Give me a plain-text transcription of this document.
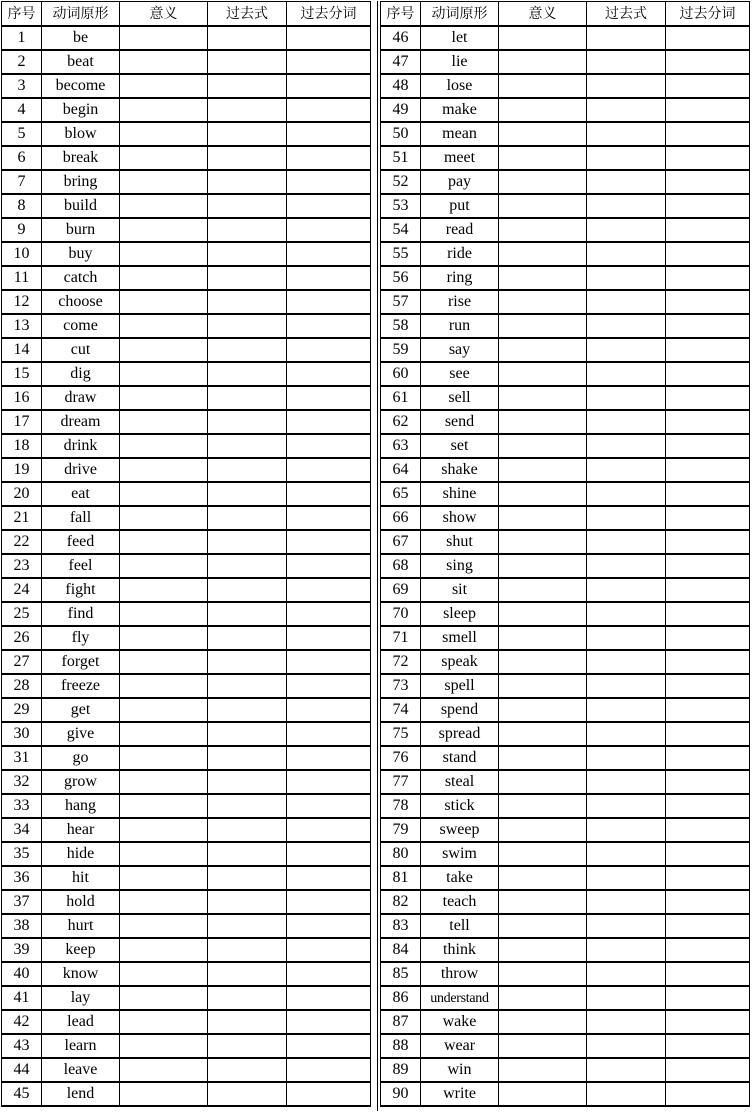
序号	动词原形	意义	过去式	过去分词
1	be			
2	beat			
3	become			
4	begin			
5	blow			
6	break			
7	bring			
8	build			
9	burn			
10	buy			
11	catch			
12	choose			
13	come			
14	cut			
15	dig			
16	draw			
17	dream			
18	drink			
19	drive			
20	eat			
21	fall			
22	feed			
23	feel			
24	fight			
25	find			
26	fly			
27	forget			
28	freeze			
29	get			
30	give			
31	go			
32	grow			
33	hang			
34	hear			
35	hide			
36	hit			
37	hold			
38	hurt			
39	keep			
40	know			
41	lay			
42	lead			
43	learn			
44	leave			
45	lend			
序号	动词原形	意义	过去式	过去分词
46	let			
47	lie			
48	lose			
49	make			
50	mean			
51	meet			
52	pay			
53	put			
54	read			
55	ride			
56	ring			
57	rise			
58	run			
59	say			
60	see			
61	sell			
62	send			
63	set			
64	shake			
65	shine			
66	show			
67	shut			
68	sing			
69	sit			
70	sleep			
71	smell			
72	speak			
73	spell			
74	spend			
75	spread			
76	stand			
77	steal			
78	stick			
79	sweep			
80	swim			
81	take			
82	teach			
83	tell			
84	think			
85	throw			
86	understand			
87	wake			
88	wear			
89	win			
90	write			
